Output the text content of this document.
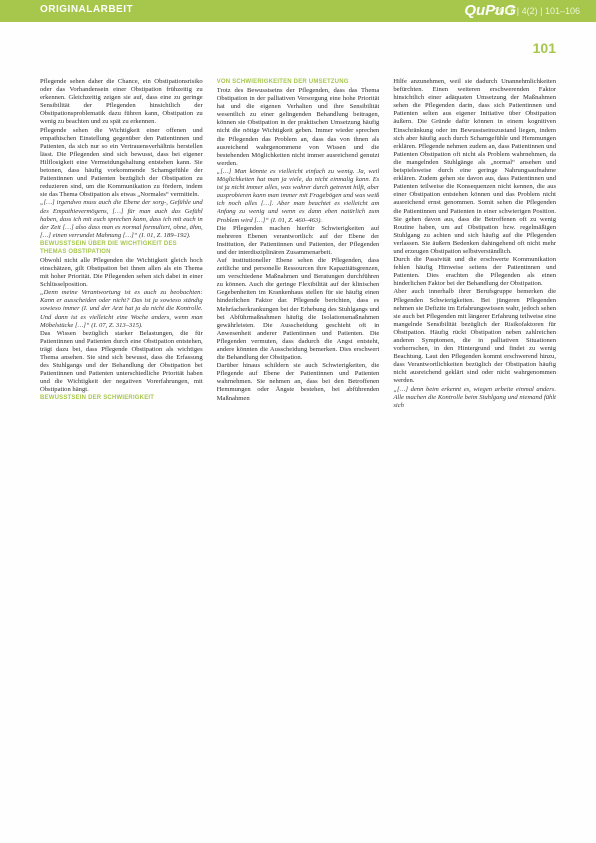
ORIGINALARBEIT	QuPuG
2017 | 4(2) | 101–106
101

Pflegende sehen daher die Chance, ein Obstipationsrisiko oder das Vorhandensein einer Obstipation frühzeitig zu erkennen. Gleichzeitig zeigen sie auf, dass eine zu geringe Sensibilität der Pflegenden hinsichtlich der Obstipationsproblematik dazu führen kann, Obstipation zu wenig zu beachten und zu spät zu erkennen.

Pflegende sehen die Wichtigkeit einer offenen und empathischen Einstellung gegenüber den Patientinnen und Patienten, da sich nur so ein Vertrauensverhältnis herstellen lässt. Die Pflegenden sind sich bewusst, dass bei eigener Hilflosigkeit eine Vermeidungshaltung entstehen kann. Sie betonen, dass häufig vorkommende Schamgefühle der Patientinnen und Patienten bezüglich der Obstipation zu reduzieren sind, um die Kommunikation zu fördern, indem sie das Thema Obstipation als etwas „Normales“ vermitteln.

„[…] irgendwo muss auch die Ebene der sorg-, Gefühle und des Empathievermögens, […] für man auch das Gefühl haben, dass ich mit euch sprechen kann, dass ich mit euch in der Zeit […] also dass man es normal formuliert, ohne, ähm, […] einen verrundet Mahnung […]“ (I. 01, Z. 189–192).

BEWUSSTSEIN ÜBER DIE WICHTIGKEIT DES THEMAS OBSTIPATION

Obwohl nicht alle Pflegenden die Wichtigkeit gleich hoch einschätzen, gilt Obstipation bei ihnen allen als ein Thema mit hoher Priorität. Die Pflegenden sehen sich dabei in einer Schlüsselposition.

„Denn meine Verantwortung ist es auch zu beobachten: Kann er ausscheiden oder nicht? Das ist ja sowieso ständig sowieso immer (I. und der Arzt hat ja da nicht die Kontrolle. Und dann ist es vielleicht eine Woche anders, wenn man Möbelstücke […]“ (I. 07, Z. 313–315).

Das Wissen bezüglich starker Belastungen, die für Patientinnen und Patienten durch eine Obstipation entstehen, trägt dazu bei, dass Pflegende Obstipation als wichtiges Thema ansehen. Sie sind sich bewusst, dass die Erfassung des Stuhlgangs und der Behandlung der Obstipation bei Patientinnen und Patienten unterschiedliche Priorität haben und die Wichtigkeit der negativen Vorerfahrungen, mit Obstipation hängt.

BEWUSSTSEIN DER SCHWIERIGKEIT
VON SCHWIERIGKEITEN DER UMSETZUNG

Trotz des Bewusstseins der Pflegenden, dass das Thema Obstipation in der palliativen Versorgung eine hohe Priorität hat und die eigenen Verhalten und ihre Sensibilität wesentlich zu einer gelingenden Behandlung beitragen, können sie Obstipation in der praktischen Umsetzung häufig nicht die nötige Wichtigkeit geben. Immer wieder sprechen die Pflegenden das Problem an, dass das von ihnen als ausreichend wahrgenommene von Wissen und die bestehenden Möglichkeiten nicht immer ausreichend genutzt werden.

„[…] Man könnte es vielleicht einfach zu wenig. Ja, weil Möglichkeiten hat man ja viele, da nicht einmalig kann. Es ist ja nicht immer alles, was wahrer durch getrennt hilft, aber ausprobieren kann man immer mit Fragebögen und was weiß ich noch alles […]. Aber man beachtet es vielleicht am Anfang zu wenig und wenn es dann eben natürlich zum Problem wird […]“ (I. 01, Z. 460–463).

Die Pflegenden machen hierfür Schwierigkeiten auf mehreren Ebenen verantwortlich: auf der Ebene der Institution, der Patientinnen und Patienten, der Pflegenden und der interdisziplinären Zusammenarbeit.

Auf institutioneller Ebene sehen die Pflegenden, dass zeitliche und personelle Ressourcen ihre Kapazitätsgrenzen, um verschiedene Maßnahmen und Beratungen durchführen zu können. Auch die geringe Flexibilität auf der klinischen Gegebenheiten im Krankenhaus stellen für sie häufig einen hinderlichen Faktor dar. Pflegende berichten, dass es Mehrfacherkrankungen bei der Erhebung des Stuhlgangs und bei Abführmaßnahmen häufig die Isolationsmaßnahmen gewährleisten. Die Ausscheidung geschieht oft in Anwesenheit anderer Patientinnen und Patienten. Die Pflegenden vermuten, dass dadurch die Angst entsteht, andere könnten die Ausscheidung bemerken. Dies erschwert die Behandlung der Obstipation.

Darüber hinaus schildern sie auch Schwierigkeiten, die Pflegende auf Ebene der Patientinnen und Patienten wahrnehmen. Sie nehmen an, dass bei den Betroffenen Hemmungen oder Ängste bestehen, bei abführenden Maßnahmen

Hilfe anzunehmen, weil sie dadurch Unannehmlichkeiten befürchten. Einen weiteren erschwerenden Faktor hinsichtlich einer adäquaten Umsetzung der Maßnahmen sehen die Pflegenden darin, dass sich Patientinnen und Patienten selten aus eigener Initiative über Obstipation äußern. Die Gründe dafür können in einem kognitiven Einschränkung oder im Bewusstseinszustand liegen, indem sich aber häufig auch durch Schamgefühle und Hemmungen erklären. Pflegende nehmen zudem an, dass Patientinnen und Patienten Obstipation oft nicht als Problem wahrnehmen, da die mangelnden Stuhlgänge als „normal“ ansehen und beispielsweise durch eine geringe Nahrungsaufnahme erklären. Zudem gehen sie davon aus, dass Patientinnen und Patienten teilweise die Konsequenzen nicht kennen, die aus einer Obstipation entstehen können und das Problem nicht ausreichend ernst genommen. Somit sehen die Pflegenden die Patientinnen und Patienten in einer schwierigen Position. Sie gehen davon aus, dass die Betroffenen oft zu wenig Routine haben, um auf Obstipation bzw. regelmäßigen Stuhlgang zu achten und sich häufig auf die Pflegenden verlassen. Sie äußern Bedenken dahingehend oft nicht mehr und erzeugen Obstipation selbstverständlich.

Durch die Passivität und die erschwerte Kommunikation fehlen häufig Hinweise seitens der Patientinnen und Patienten. Dies erachten die Pflegenden als einen hinderlichen Faktor bei der Behandlung der Obstipation.

Aber auch innerhalb ihrer Berufsgruppe bemerken die Pflegenden Schwierigkeiten. Bei jüngeren Pflegenden nehmen sie Defizite im Erfahrungswissen wahr, jedoch sehen sie auch bei Pflegenden mit längerer Erfahrung teilweise eine mangelnde Sensibilität bezüglich der Risikofaktoren für Obstipation. Häufig rückt Obstipation neben zahlreichen anderen Symptomen, die in palliativen Situationen vorherrschen, in den Hintergrund und findet zu wenig Beachtung. Laut den Pflegenden kommt erschwerend hinzu, dass Verantwortlichkeiten bezüglich der Obstipation häufig nicht ausreichend geklärt sind oder nicht wahrgenommen werden.

„[…] denn beim erkennt es, wiegen arbeite einmal anders. Alle machen die Kontrolle beim Stuhlgang und niemand fühlt sich
